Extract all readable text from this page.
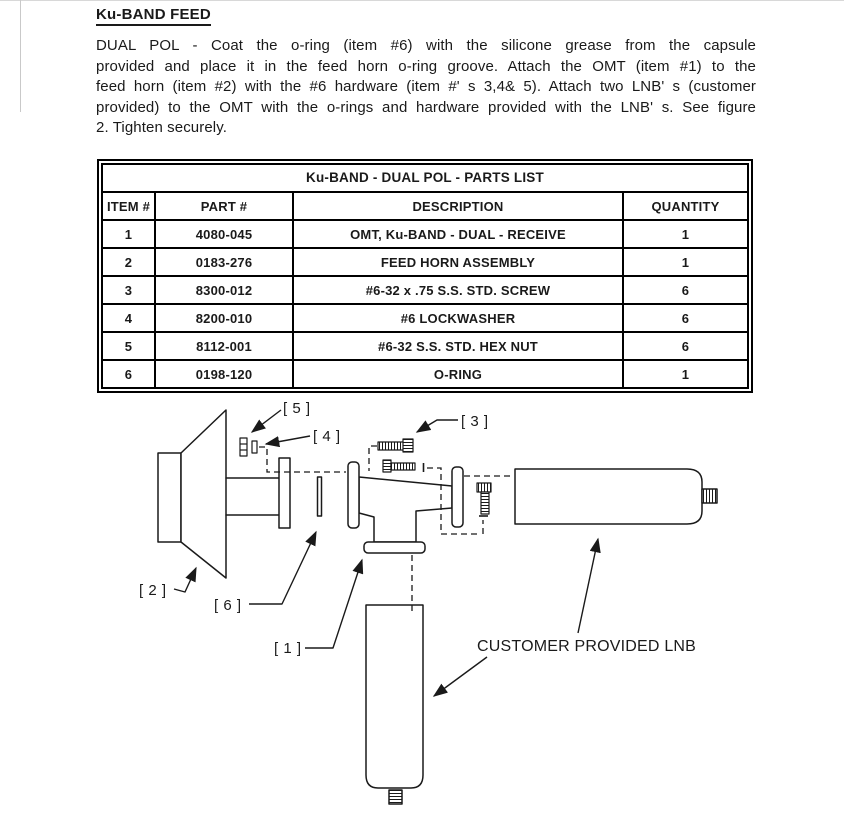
Ku-BAND FEED
DUAL POL - Coat the o-ring (item #6) with the silicone grease from the capsule
provided and place it in the feed horn o-ring groove. Attach the OMT (item #1) to the
feed horn (item #2) with the #6 hardware (item #' s 3,4& 5). Attach two LNB' s (customer
provided) to the OMT with the o-rings and hardware provided with the LNB' s. See figure
2. Tighten securely.
Ku-BAND - DUAL POL - PARTS LIST
ITEM #	PART #	DESCRIPTION	QUANTITY
1	4080-045	OMT, Ku-BAND - DUAL - RECEIVE	1
2	0183-276	FEED HORN ASSEMBLY	1
3	8300-012	#6-32 x .75 S.S. STD. SCREW	6
4	8200-010	#6 LOCKWASHER	6
5	8112-001	#6-32 S.S. STD. HEX NUT	6
6	0198-120	O-RING	1
[ 5 ]
[ 4 ]
[ 3 ]
[ 2 ]
[ 6 ]
[ 1 ]	CUSTOMER PROVIDED LNB
